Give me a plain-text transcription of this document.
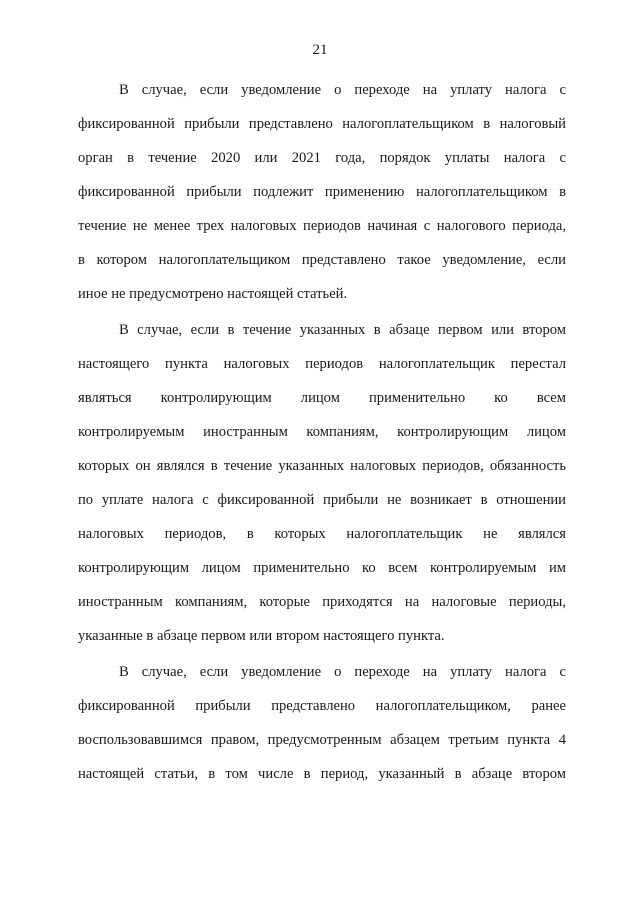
21
В случае, если уведомление о переходе на уплату налога с
фиксированной прибыли представлено налогоплательщиком в налоговый
орган в течение 2020 или 2021 года, порядок уплаты налога с
фиксированной прибыли подлежит применению налогоплательщиком в
течение не менее трех налоговых периодов начиная с налогового периода,
в котором налогоплательщиком представлено такое уведомление, если
иное не предусмотрено настоящей статьей.
В случае, если в течение указанных в абзаце первом или втором
настоящего пункта налоговых периодов налогоплательщик перестал
являться контролирующим лицом применительно ко всем
контролируемым иностранным компаниям, контролирующим лицом
которых он являлся в течение указанных налоговых периодов, обязанность
по уплате налога с фиксированной прибыли не возникает в отношении
налоговых периодов, в которых налогоплательщик не являлся
контролирующим лицом применительно ко всем контролируемым им
иностранным компаниям, которые приходятся на налоговые периоды,
указанные в абзаце первом или втором настоящего пункта.
В случае, если уведомление о переходе на уплату налога с
фиксированной прибыли представлено налогоплательщиком, ранее
воспользовавшимся правом, предусмотренным абзацем третьим пункта 4
настоящей статьи, в том числе в период, указанный в абзаце втором
